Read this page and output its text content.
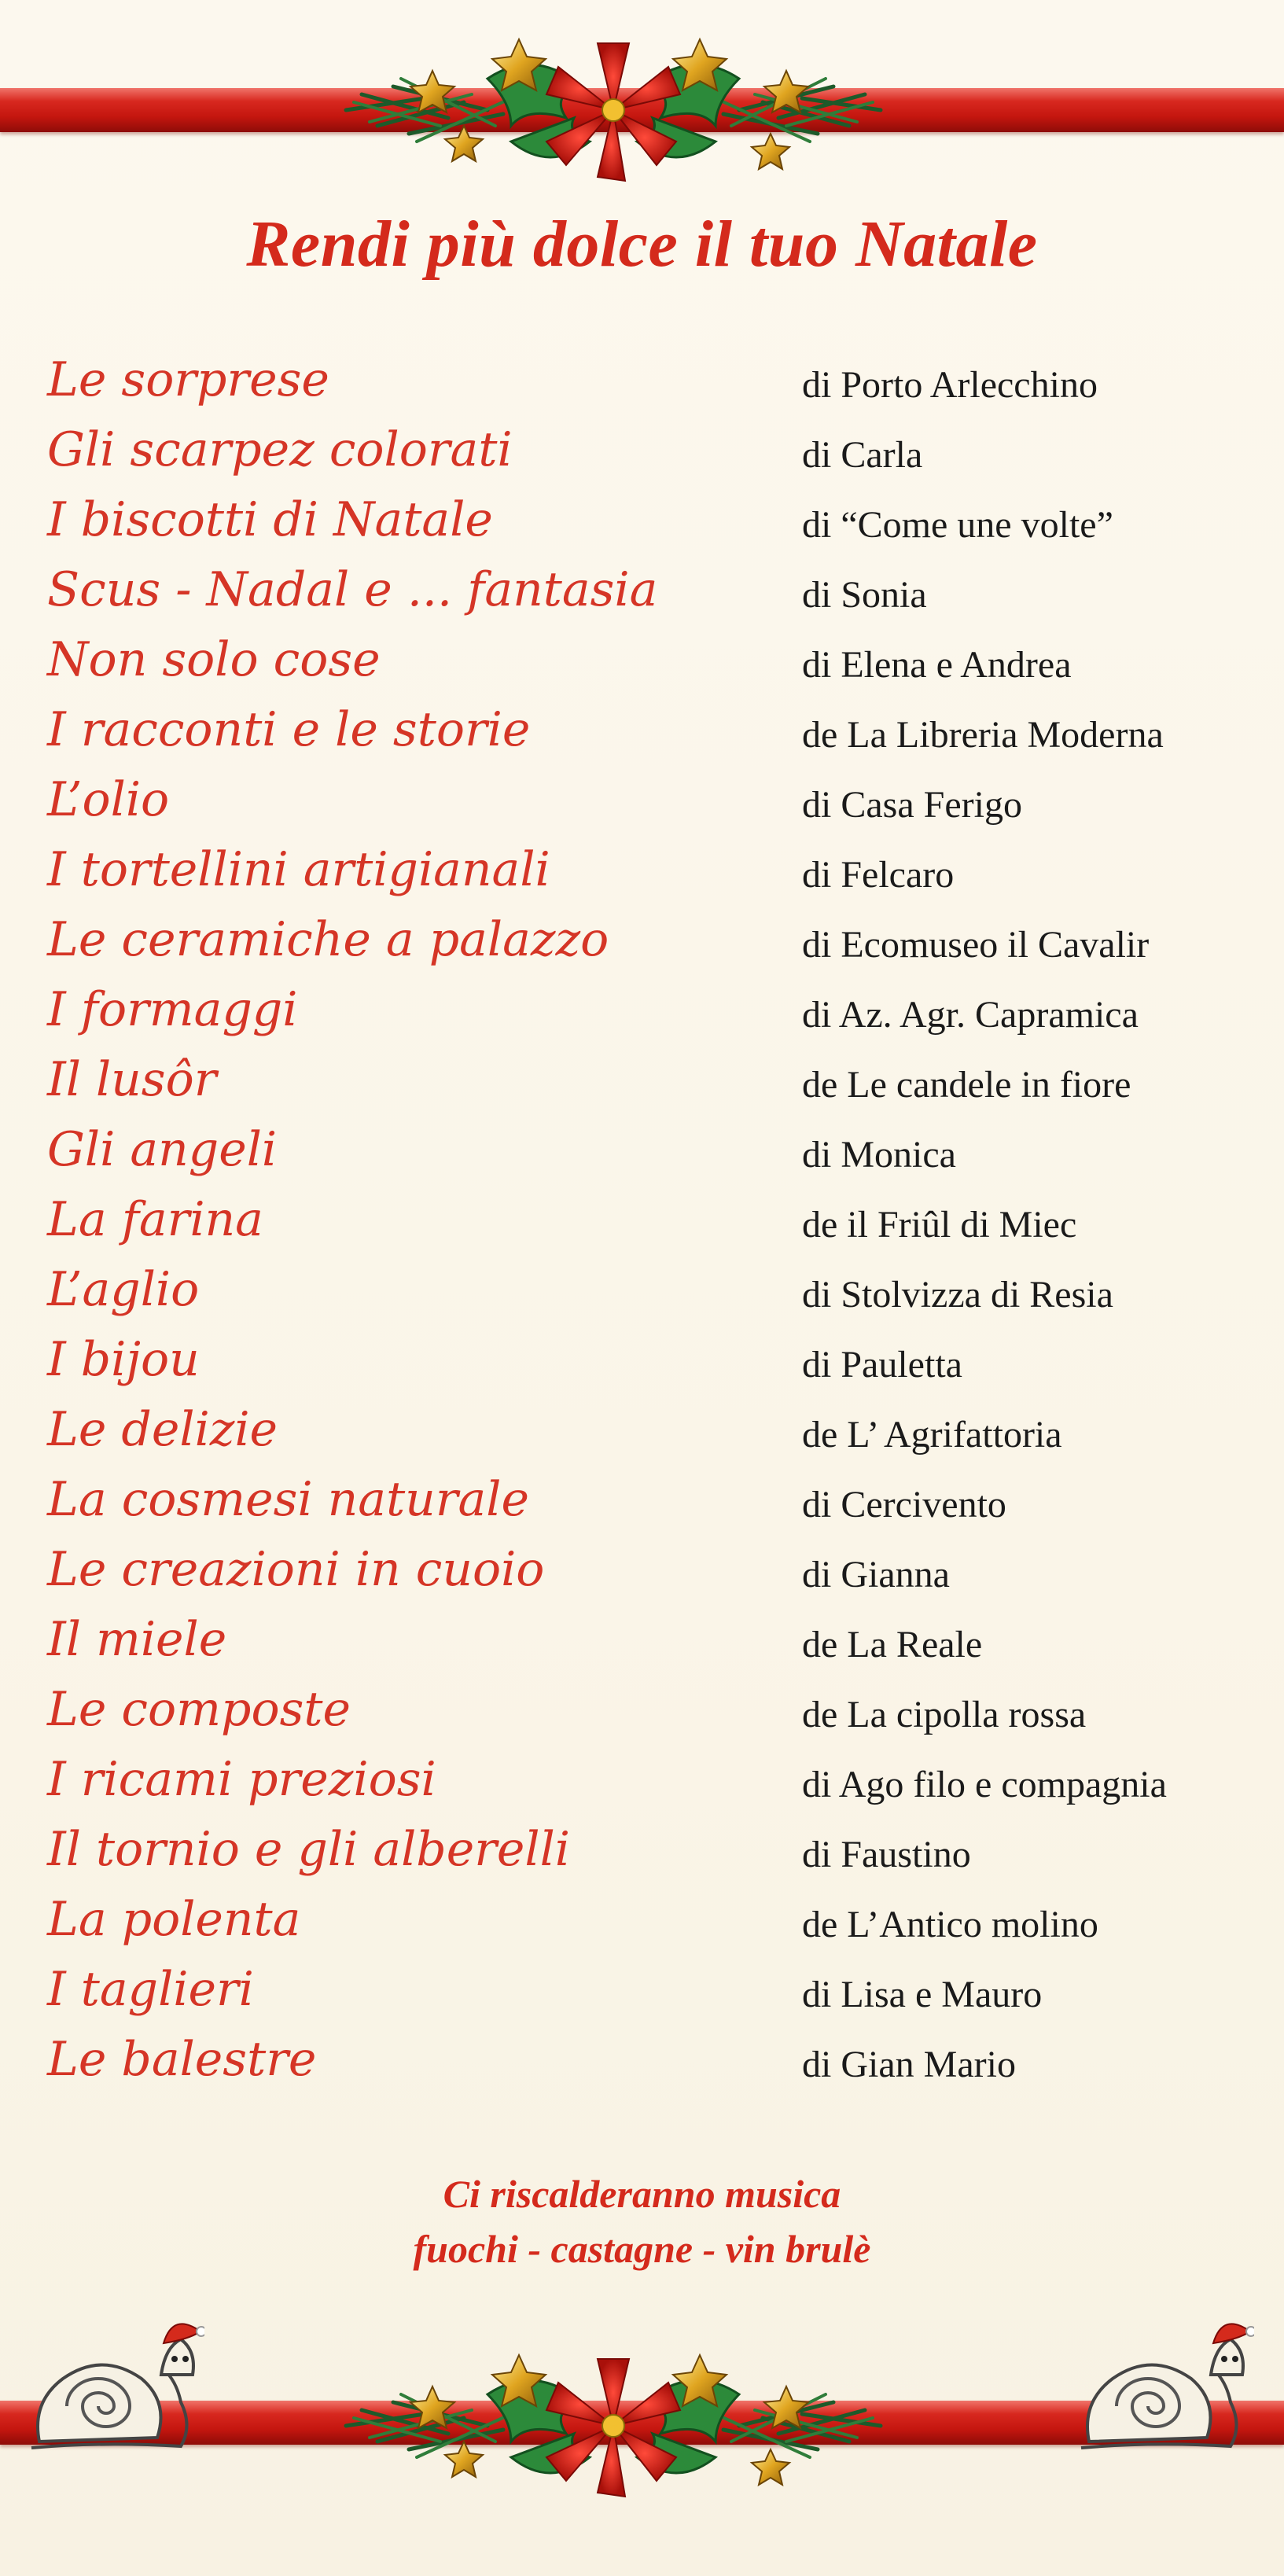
Rendi più dolce il tuo Natale
Le sorprese	di Porto Arlecchino
Gli scarpez colorati	di Carla
I biscotti di Natale	di “Come une volte”
Scus - Nadal e ... fantasia	di Sonia
Non solo cose	di Elena e Andrea
I racconti e le storie	de La Libreria Moderna
L’olio	di Casa Ferigo
I tortellini artigianali	di Felcaro
Le ceramiche a palazzo	di Ecomuseo il Cavalir
I formaggi	di Az. Agr. Capramica
Il lusôr	de Le candele in fiore
Gli angeli	di Monica
La farina	de il Friûl di Miec
L’aglio	di Stolvizza di Resia
I bijou	di Pauletta
Le delizie	de L’ Agrifattoria
La cosmesi naturale	di Cercivento
Le creazioni in cuoio	di Gianna
Il miele	de La Reale
Le composte	de La cipolla rossa
I ricami preziosi	di Ago filo e compagnia
Il tornio e gli alberelli	di Faustino
La polenta	de L’Antico molino
I taglieri	di Lisa e Mauro
Le balestre	di Gian Mario
Ci riscalderanno musica
fuochi - castagne - vin brulè
